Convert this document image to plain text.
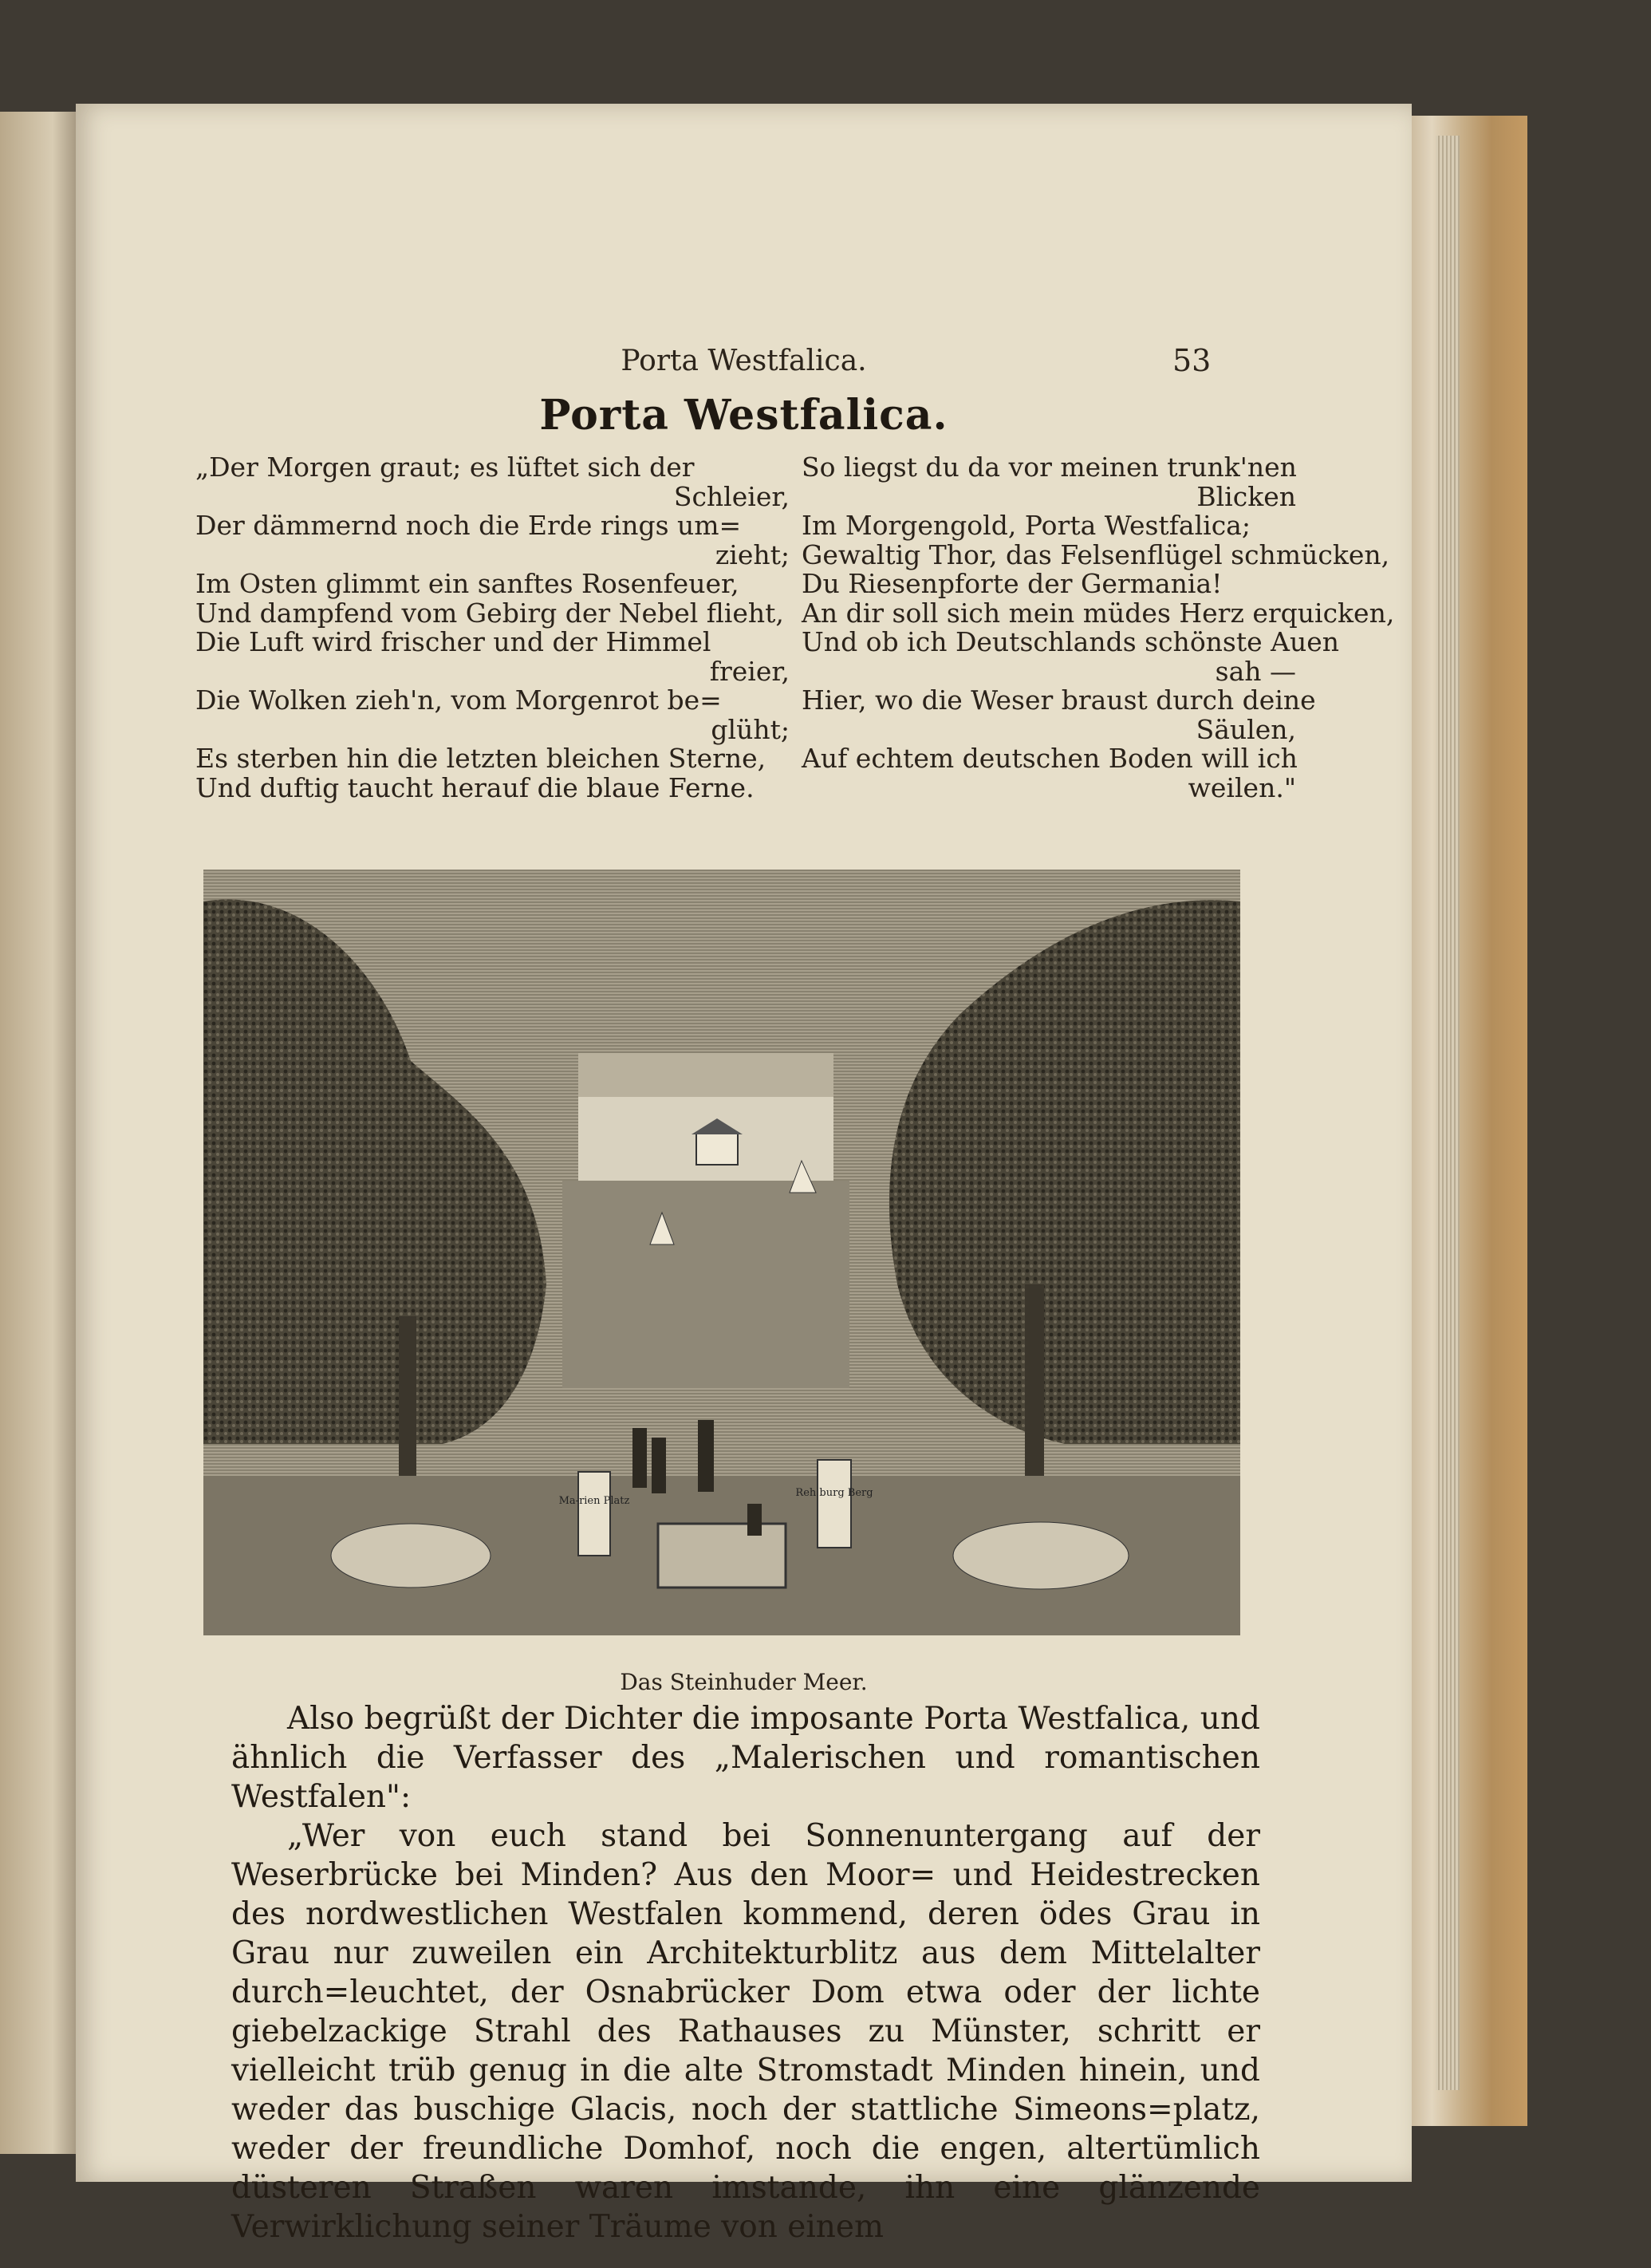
Porta Westfalica.	53
Porta Westfalica.
„Der Morgen graut; es lüftet sich der
Schleier,
Der dämmernd noch die Erde rings um=
zieht;
Im Osten glimmt ein sanftes Rosenfeuer,
Und dampfend vom Gebirg der Nebel flieht,
Die Luft wird frischer und der Himmel
freier,
Die Wolken zieh'n, vom Morgenrot be=
glüht;
Es sterben hin die letzten bleichen Sterne,
Und duftig taucht herauf die blaue Ferne.
So liegst du da vor meinen trunk'nen
Blicken
Im Morgengold, Porta Westfalica;
Gewaltig Thor, das Felsenflügel schmücken,
Du Riesenpforte der Germania!
An dir soll sich mein müdes Herz erquicken,
Und ob ich Deutschlands schönste Auen
sah —
Hier, wo die Weser braust durch deine
Säulen,
Auf echtem deutschen Boden will ich
weilen."
Ma-rien Platz
Reh burg Berg
Das Steinhuder Meer.

Also begrüßt der Dichter die imposante Porta Westfalica, und ähnlich die Verfasser des „Malerischen und romantischen Westfalen":

„Wer von euch stand bei Sonnenuntergang auf der Weserbrücke bei Minden? Aus den Moor= und Heidestrecken des nordwestlichen Westfalen kommend, deren ödes Grau in Grau nur zuweilen ein Architekturblitz aus dem Mittelalter durch=leuchtet, der Osnabrücker Dom etwa oder der lichte giebelzackige Strahl des Rathauses zu Münster, schritt er vielleicht trüb genug in die alte Stromstadt Minden hinein, und weder das buschige Glacis, noch der stattliche Simeons=platz, weder der freundliche Domhof, noch die engen, altertümlich düsteren Straßen waren imstande, ihn eine glänzende Verwirklichung seiner Träume von einem
